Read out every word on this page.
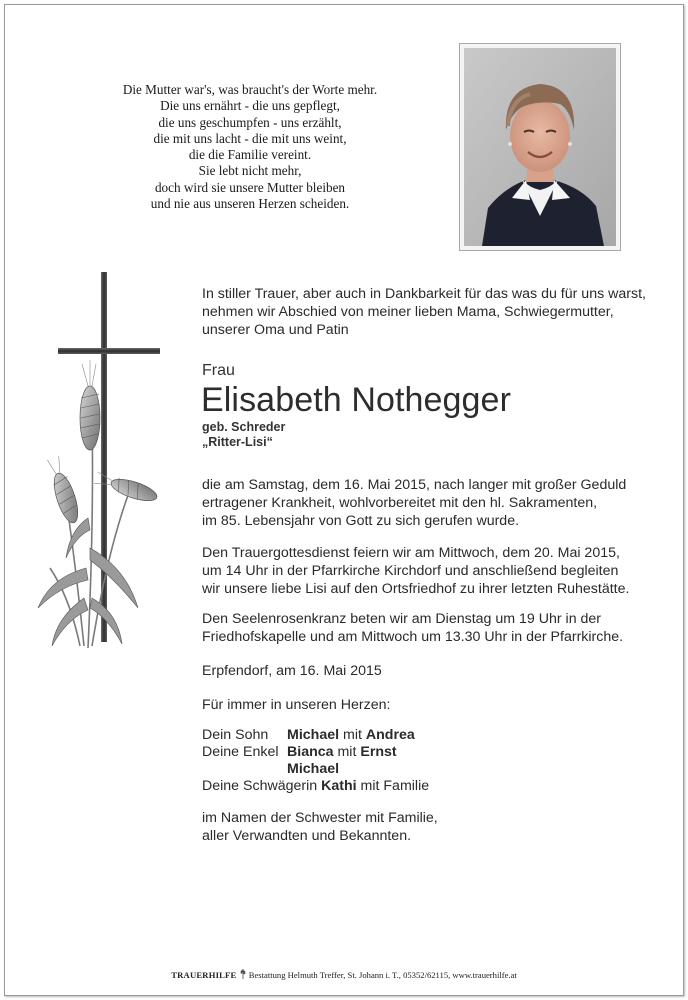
Die Mutter war's, was braucht's der Worte mehr.
Die uns ernährt - die uns gepflegt,
die uns geschumpfen - uns erzählt,
die mit uns lacht - die mit uns weint,
die die Familie vereint.
Sie lebt nicht mehr,
doch wird sie unsere Mutter bleiben
und nie aus unseren Herzen scheiden.
In stiller Trauer, aber auch in Dankbarkeit für das was du für uns warst,
nehmen wir Abschied von meiner lieben Mama, Schwiegermutter,
unserer Oma und Patin
Frau
Elisabeth Nothegger
geb. Schreder
„Ritter-Lisi“
die am Samstag, dem 16. Mai 2015, nach langer mit großer Geduld
ertragener Krankheit, wohlvorbereitet mit den hl. Sakramenten,
im 85. Lebensjahr von Gott zu sich gerufen wurde.
Den Trauergottesdienst feiern wir am Mittwoch, dem 20. Mai 2015,
um 14 Uhr in der Pfarrkirche Kirchdorf und anschließend begleiten
wir unsere liebe Lisi auf den Ortsfriedhof zu ihrer letzten Ruhestätte.
Den Seelenrosenkranz beten wir am Dienstag um 19 Uhr in der
Friedhofskapelle und am Mittwoch um 13.30 Uhr in der Pfarrkirche.
Erpfendorf, am 16. Mai 2015
Für immer in unseren Herzen:
Dein Sohn Michael mit Andrea
Deine Enkel Bianca mit Ernst
Michael
Deine Schwägerin Kathi mit Familie
im Namen der Schwester mit Familie,
aller Verwandten und Bekannten.
TRAUERHILFE Bestattung Helmuth Treffer, St. Johann i. T., 05352/62115, www.trauerhilfe.at
